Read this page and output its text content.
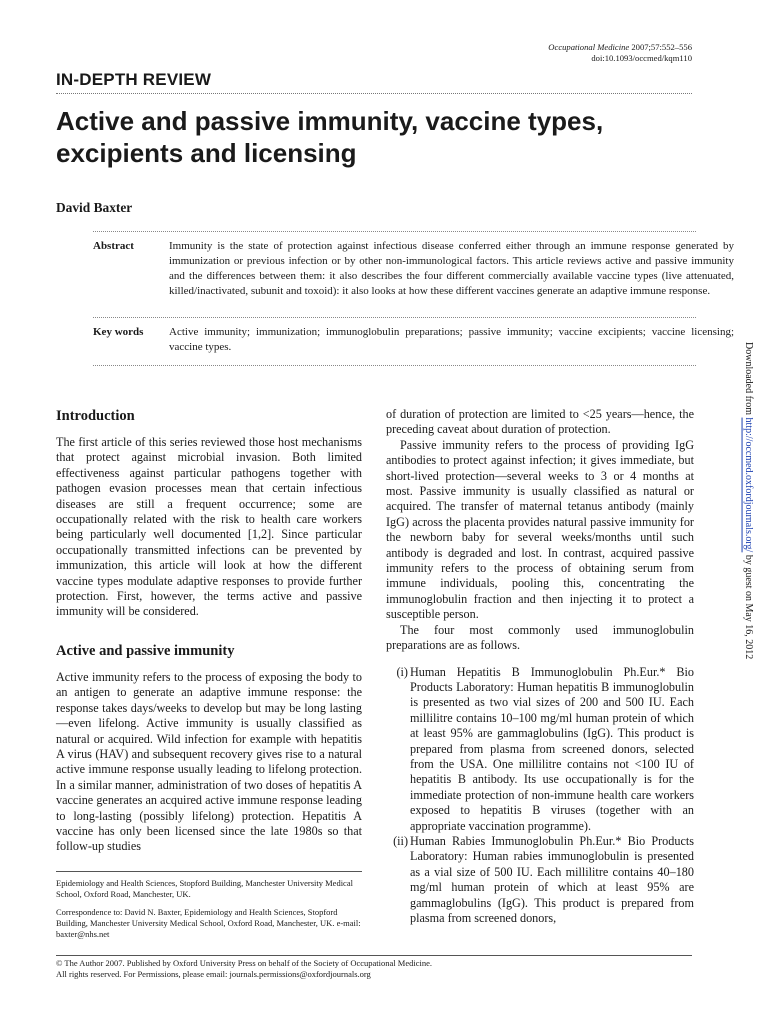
Occupational Medicine 2007;57:552–556
doi:10.1093/occmed/kqm110
IN-DEPTH REVIEW
Active and passive immunity, vaccine types, excipients and licensing
David Baxter
Abstract	Immunity is the state of protection against infectious disease conferred either through an immune response generated by immunization or previous infection or by other non-immunological factors. This article reviews active and passive immunity and the differences between them: it also describes the four different commercially available vaccine types (live attenuated, killed/inactivated, subunit and toxoid): it also looks at how these different vaccines generate an adaptive immune response.
Key words	Active immunity; immunization; immunoglobulin preparations; passive immunity; vaccine excipients; vaccine licensing; vaccine types.
Introduction

The first article of this series reviewed those host mechanisms that protect against microbial invasion. Both limited effectiveness against particular pathogens together with pathogen evasion processes mean that certain infectious diseases are still a frequent occurrence; some are occupationally related with the risk to health care workers being particularly well documented [1,2]. Since particular occupationally transmitted infections can be prevented by immunization, this article will look at how the different vaccine types modulate adaptive responses to provide further protection. First, however, the terms active and passive immunity will be considered.

Active and passive immunity

Active immunity refers to the process of exposing the body to an antigen to generate an adaptive immune response: the response takes days/weeks to develop but may be long lasting—even lifelong. Active immunity is usually classified as natural or acquired. Wild infection for example with hepatitis A virus (HAV) and subsequent recovery gives rise to a natural active immune response usually leading to lifelong protection. In a similar manner, administration of two doses of hepatitis A vaccine generates an acquired active immune response leading to long-lasting (possibly lifelong) protection. Hepatitis A vaccine has only been licensed since the late 1980s so that follow-up studies

of duration of protection are limited to <25 years—hence, the preceding caveat about duration of protection.

Passive immunity refers to the process of providing IgG antibodies to protect against infection; it gives immediate, but short-lived protection—several weeks to 3 or 4 months at most. Passive immunity is usually classified as natural or acquired. The transfer of maternal tetanus antibody (mainly IgG) across the placenta provides natural passive immunity for the newborn baby for several weeks/months until such antibody is degraded and lost. In contrast, acquired passive immunity refers to the process of obtaining serum from immune individuals, pooling this, concentrating the immunoglobulin fraction and then injecting it to protect a susceptible person.

The four most commonly used immunoglobulin preparations are as follows.

(i) Human Hepatitis B Immunoglobulin Ph.Eur.* Bio Products Laboratory: Human hepatitis B immunoglobulin is presented as two vial sizes of 200 and 500 IU. Each millilitre contains 10–100 mg/ml human protein of which at least 95% are gammaglobulins (IgG). This product is prepared from plasma from screened donors, selected from the USA. One millilitre contains not <100 IU of hepatitis B antibody. Its use occupationally is for the immediate protection of non-immune health care workers exposed to hepatitis B viruses (together with an appropriate vaccination programme).
(ii) Human Rabies Immunoglobulin Ph.Eur.* Bio Products Laboratory: Human rabies immunoglobulin is presented as a vial size of 500 IU. Each millilitre contains 40–180 mg/ml human protein of which at least 95% are gammaglobulins (IgG). This product is prepared from plasma from screened donors,
Epidemiology and Health Sciences, Stopford Building, Manchester University Medical School, Oxford Road, Manchester, UK.
Correspondence to: David N. Baxter, Epidemiology and Health Sciences, Stopford Building, Manchester University Medical School, Oxford Road, Manchester, UK. e-mail: baxter@nhs.net
© The Author 2007. Published by Oxford University Press on behalf of the Society of Occupational Medicine.
All rights reserved. For Permissions, please email: journals.permissions@oxfordjournals.org
Downloaded from http://occmed.oxfordjournals.org/ by guest on May 16, 2012
